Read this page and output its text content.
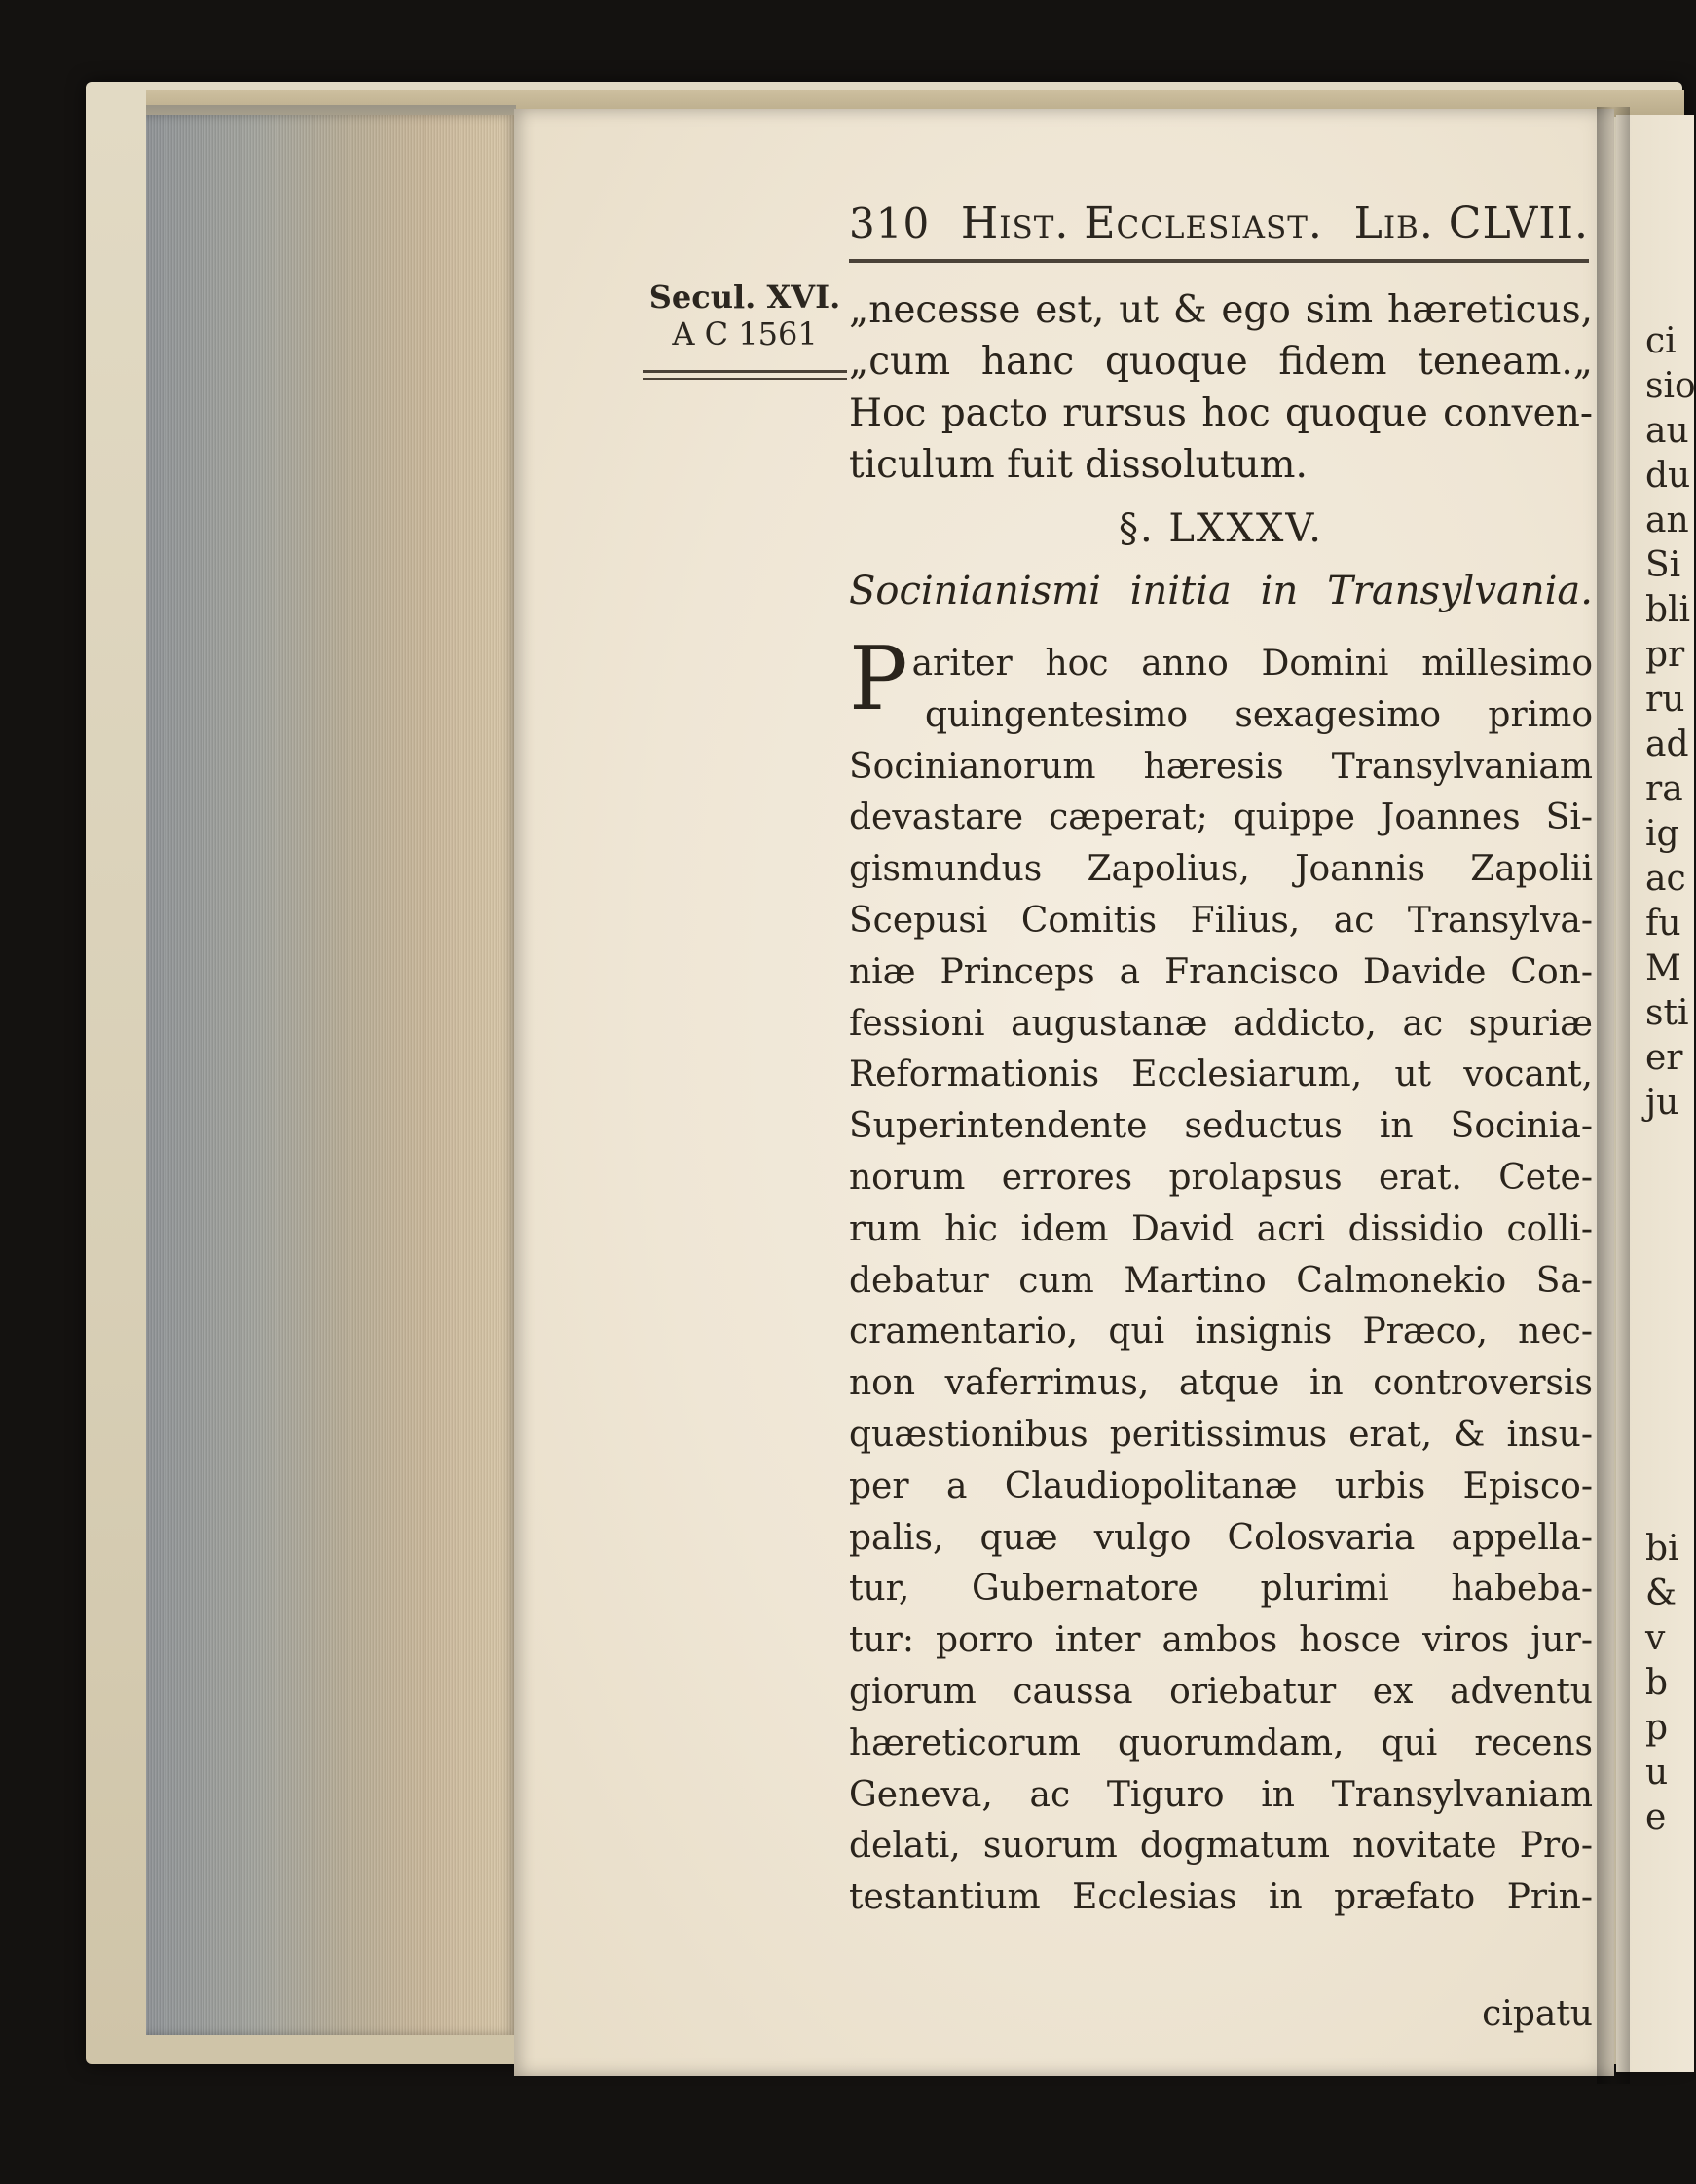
310 Hist. Ecclesiast. Lib. CLVII.
Secul. XVI.
A C 1561
„necesse est, ut & ego sim hæreticus,
„cum hanc quoque fidem teneam.„
Hoc pacto rursus hoc quoque conven-
ticulum fuit dissolutum.
§. LXXXV.
Socinianismi initia in Transylvania.
P ariter hoc anno Domini millesimo
quingentesimo sexagesimo primo
Socinianorum hæresis Transylvaniam
devastare cæperat; quippe Joannes Si-
gismundus Zapolius, Joannis Zapolii
Scepusi Comitis Filius, ac Transylva-
niæ Princeps a Francisco Davide Con-
fessioni augustanæ addicto, ac spuriæ
Reformationis Ecclesiarum, ut vocant,
Superintendente seductus in Socinia-
norum errores prolapsus erat. Cete-
rum hic idem David acri dissidio colli-
debatur cum Martino Calmonekio Sa-
cramentario, qui insignis Præco, nec-
non vaferrimus, atque in controversis
quæstionibus peritissimus erat, & insu-
per a Claudiopolitanæ urbis Episco-
palis, quæ vulgo Colosvaria appella-
tur, Gubernatore plurimi habeba-
tur: porro inter ambos hosce viros jur-
giorum caussa oriebatur ex adventu
hæreticorum quorumdam, qui recens
Geneva, ac Tiguro in Transylvaniam
delati, suorum dogmatum novitate Pro-
testantium Ecclesias in præfato Prin-
cipatu
ci
sio
au
du
an
Si
bli
pr
ru
ad
ra
ig
ac
fu
M
sti
er
ju
bi
&
v
b
p
u
e
